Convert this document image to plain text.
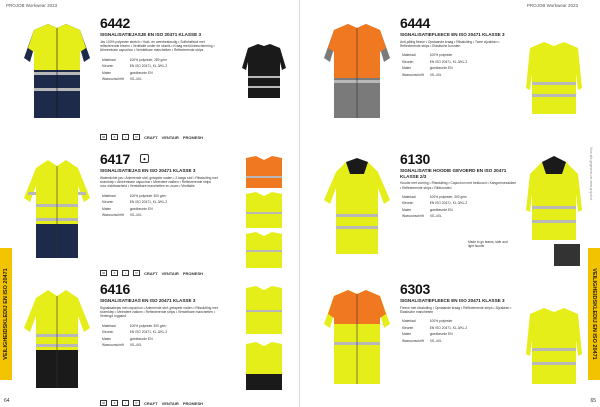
PROJOB Workwear 2023
6442
SIGNALISATIEJASJE EN ISO 20471 KLASSE 3
Jas 100% polyester stretch • Huid- en weerbestendig • Softshellstof met reflecterende biezen • Ventilatie onder de oksels • Kraag met kinbescherming • Afneembare capuchon • Verstelbare manchetten • Reflecterende strips
Materiaal	100% polyester, 280 g/m²
Kleuren	EN ISO 20471, KL.3/KL.2
Maten	goedkeurde EN
Wasvoorschrift	XS–4XL
40	✕	•	P	CRAFT VENTAIR PROMESH
◆
6417
SIGNALISATIEJAS EN ISO 20471 KLASSE 3
Waterdichte jas • Ademende stof, getapete naden • 2-laags stof • Ritssluiting met stormklep • Afneembare capuchon • Meerdere zakken • Reflecterende strips voor zichtbaarheid • Verstelbare manchetten en zoom • Ventilatie
Materiaal	100% polyester 300 g/m²
Kleuren	EN ISO 20471, KL.3/KL.2
Maten	goedkeurde EN
Wasvoorschrift	XS–4XL
40	✕	•	P	CRAFT VENTAIR PROMESH
6416
SIGNALISATIEJAS EN ISO 20471 KLASSE 3
Signalisatiejas met capuchon • Ademende stof, getapete naden • Ritssluiting met stormklep • Meerdere zakken • Reflecterende strips • Verstelbare manchetten • Verlengd rugpand
Materiaal	100% polyester 300 g/m²
Kleuren	EN ISO 20471, KL.3/KL.2
Maten	goedkeurde EN
Wasvoorschrift	XS–4XL
40	✕	•	P	CRAFT VENTAIR PROMESH
VEILIGHEIDSKLEDIJ EN ISO 20471
64
PROJOB Workwear 2023
6444
SIGNALISATIEFLEECE EN ISO 20471 KLASSE 3
Anti-pilling fleece • Opstaande kraag • Ritssluiting • Twee zijzakken • Reflecterende strips • Elastische boorden
Materiaal	100% polyester
Kleuren	EN ISO 20471, KL.3/KL.2
Maten	goedkeurde EN
Wasvoorschrift	XS–4XL
6130
SIGNALISATIE HOODIE GEVOERD EN ISO 20471 KLASSE 2/3
Hoodie met voering • Ritssluiting • Capuchon met trekkoord • Kangoeroezakken • Reflecterende strips • Ribboorden
Materiaal	100% polyester, 300 g/m²
Kleuren	EN ISO 20471, KL.3/KL.2
Maten	goedkeurde EN
Wasvoorschrift	XS–4XL
Made to go teams, safe and light hoodie
6303
SIGNALISATIEFLEECE EN ISO 20471 KLASSE 3
Fleece met ritssluiting • Opstaande kraag • Reflecterende strips • Zijzakken • Elastische manchetten
Materiaal	100% polyester
Kleuren	EN ISO 20471, KL.3/KL.2
Maten	goedkeurde EN
Wasvoorschrift	XS–4XL
Voor alle gegevens zie www.projob.nl
VEILIGHEIDSKLEDIJ EN ISO 20471
65
